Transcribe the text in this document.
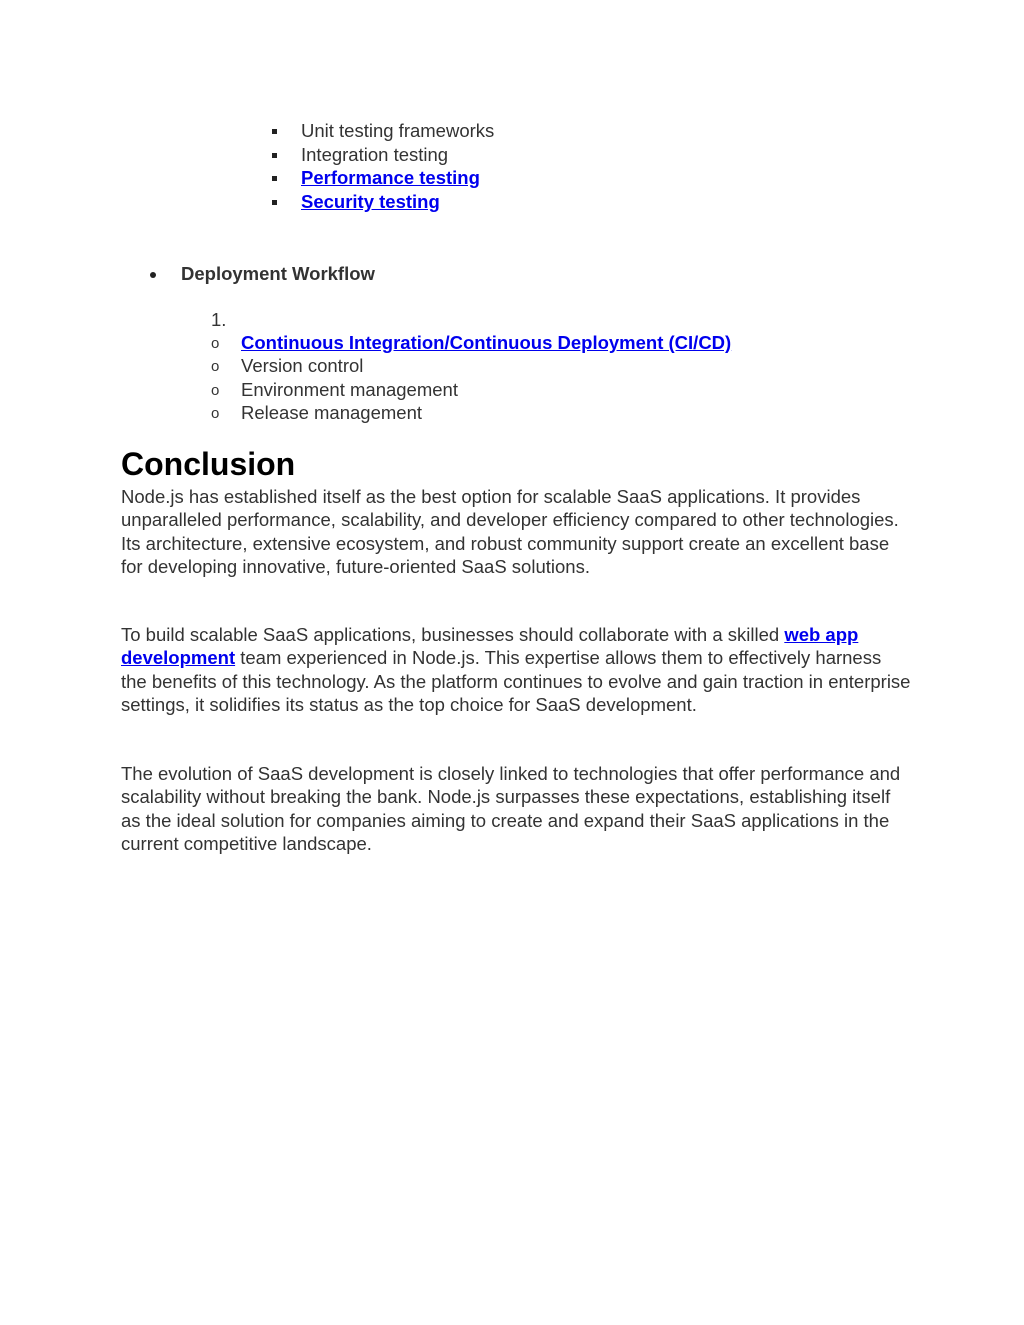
Unit testing frameworks
Integration testing
Performance testing
Security testing
Deployment Workflow
1.
o Continuous Integration/Continuous Deployment (CI/CD)
o Version control
o Environment management
o Release management
Conclusion
Node.js has established itself as the best option for scalable SaaS applications. It provides unparalleled performance, scalability, and developer efficiency compared to other technologies. Its architecture, extensive ecosystem, and robust community support create an excellent base for developing innovative, future-oriented SaaS solutions.
To build scalable SaaS applications, businesses should collaborate with a skilled web app development team experienced in Node.js. This expertise allows them to effectively harness the benefits of this technology. As the platform continues to evolve and gain traction in enterprise settings, it solidifies its status as the top choice for SaaS development.
The evolution of SaaS development is closely linked to technologies that offer performance and scalability without breaking the bank. Node.js surpasses these expectations, establishing itself as the ideal solution for companies aiming to create and expand their SaaS applications in the current competitive landscape.
